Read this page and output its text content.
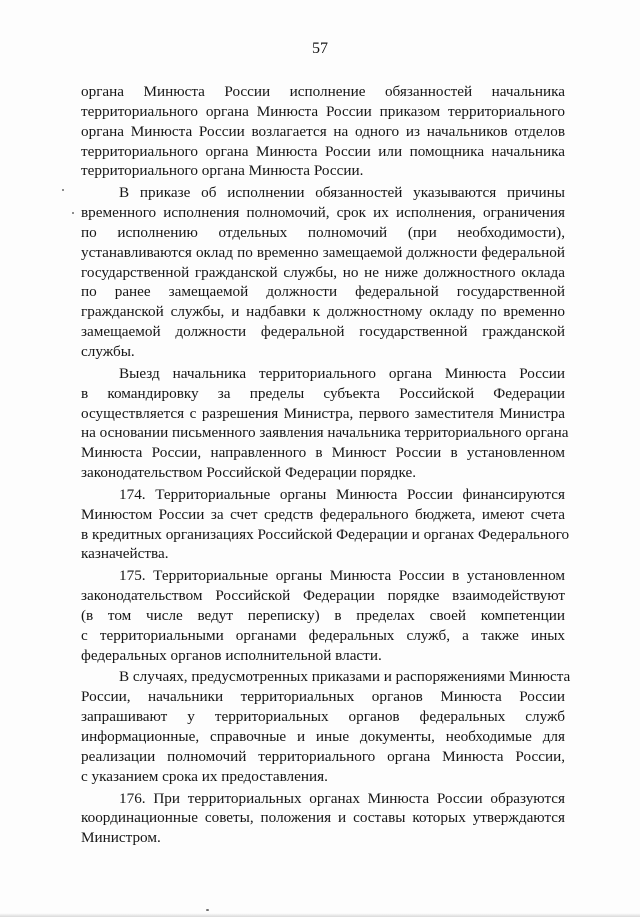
57
органа Минюста России исполнение обязанностей начальника
территориального органа Минюста России приказом территориального
органа Минюста России возлагается на одного из начальников отделов
территориального органа Минюста России или помощника начальника
территориального органа Минюста России.
В приказе об исполнении обязанностей указываются причины
временного исполнения полномочий, срок их исполнения, ограничения
по исполнению отдельных полномочий (при необходимости),
устанавливаются оклад по временно замещаемой должности федеральной
государственной гражданской службы, но не ниже должностного оклада
по ранее замещаемой должности федеральной государственной
гражданской службы, и надбавки к должностному окладу по временно
замещаемой должности федеральной государственной гражданской
службы.
Выезд начальника территориального органа Минюста России
в командировку за пределы субъекта Российской Федерации
осуществляется с разрешения Министра, первого заместителя Министра
на основании письменного заявления начальника территориального органа
Минюста России, направленного в Минюст России в установленном
законодательством Российской Федерации порядке.
174. Территориальные органы Минюста России финансируются
Минюстом России за счет средств федерального бюджета, имеют счета
в кредитных организациях Российской Федерации и органах Федерального
казначейства.
175. Территориальные органы Минюста России в установленном
законодательством Российской Федерации порядке взаимодействуют
(в том числе ведут переписку) в пределах своей компетенции
с территориальными органами федеральных служб, а также иных
федеральных органов исполнительной власти.
В случаях, предусмотренных приказами и распоряжениями Минюста
России, начальники территориальных органов Минюста России
запрашивают у территориальных органов федеральных служб
информационные, справочные и иные документы, необходимые для
реализации полномочий территориального органа Минюста России,
с указанием срока их предоставления.
176. При территориальных органах Минюста России образуются
координационные советы, положения и составы которых утверждаются
Министром.
